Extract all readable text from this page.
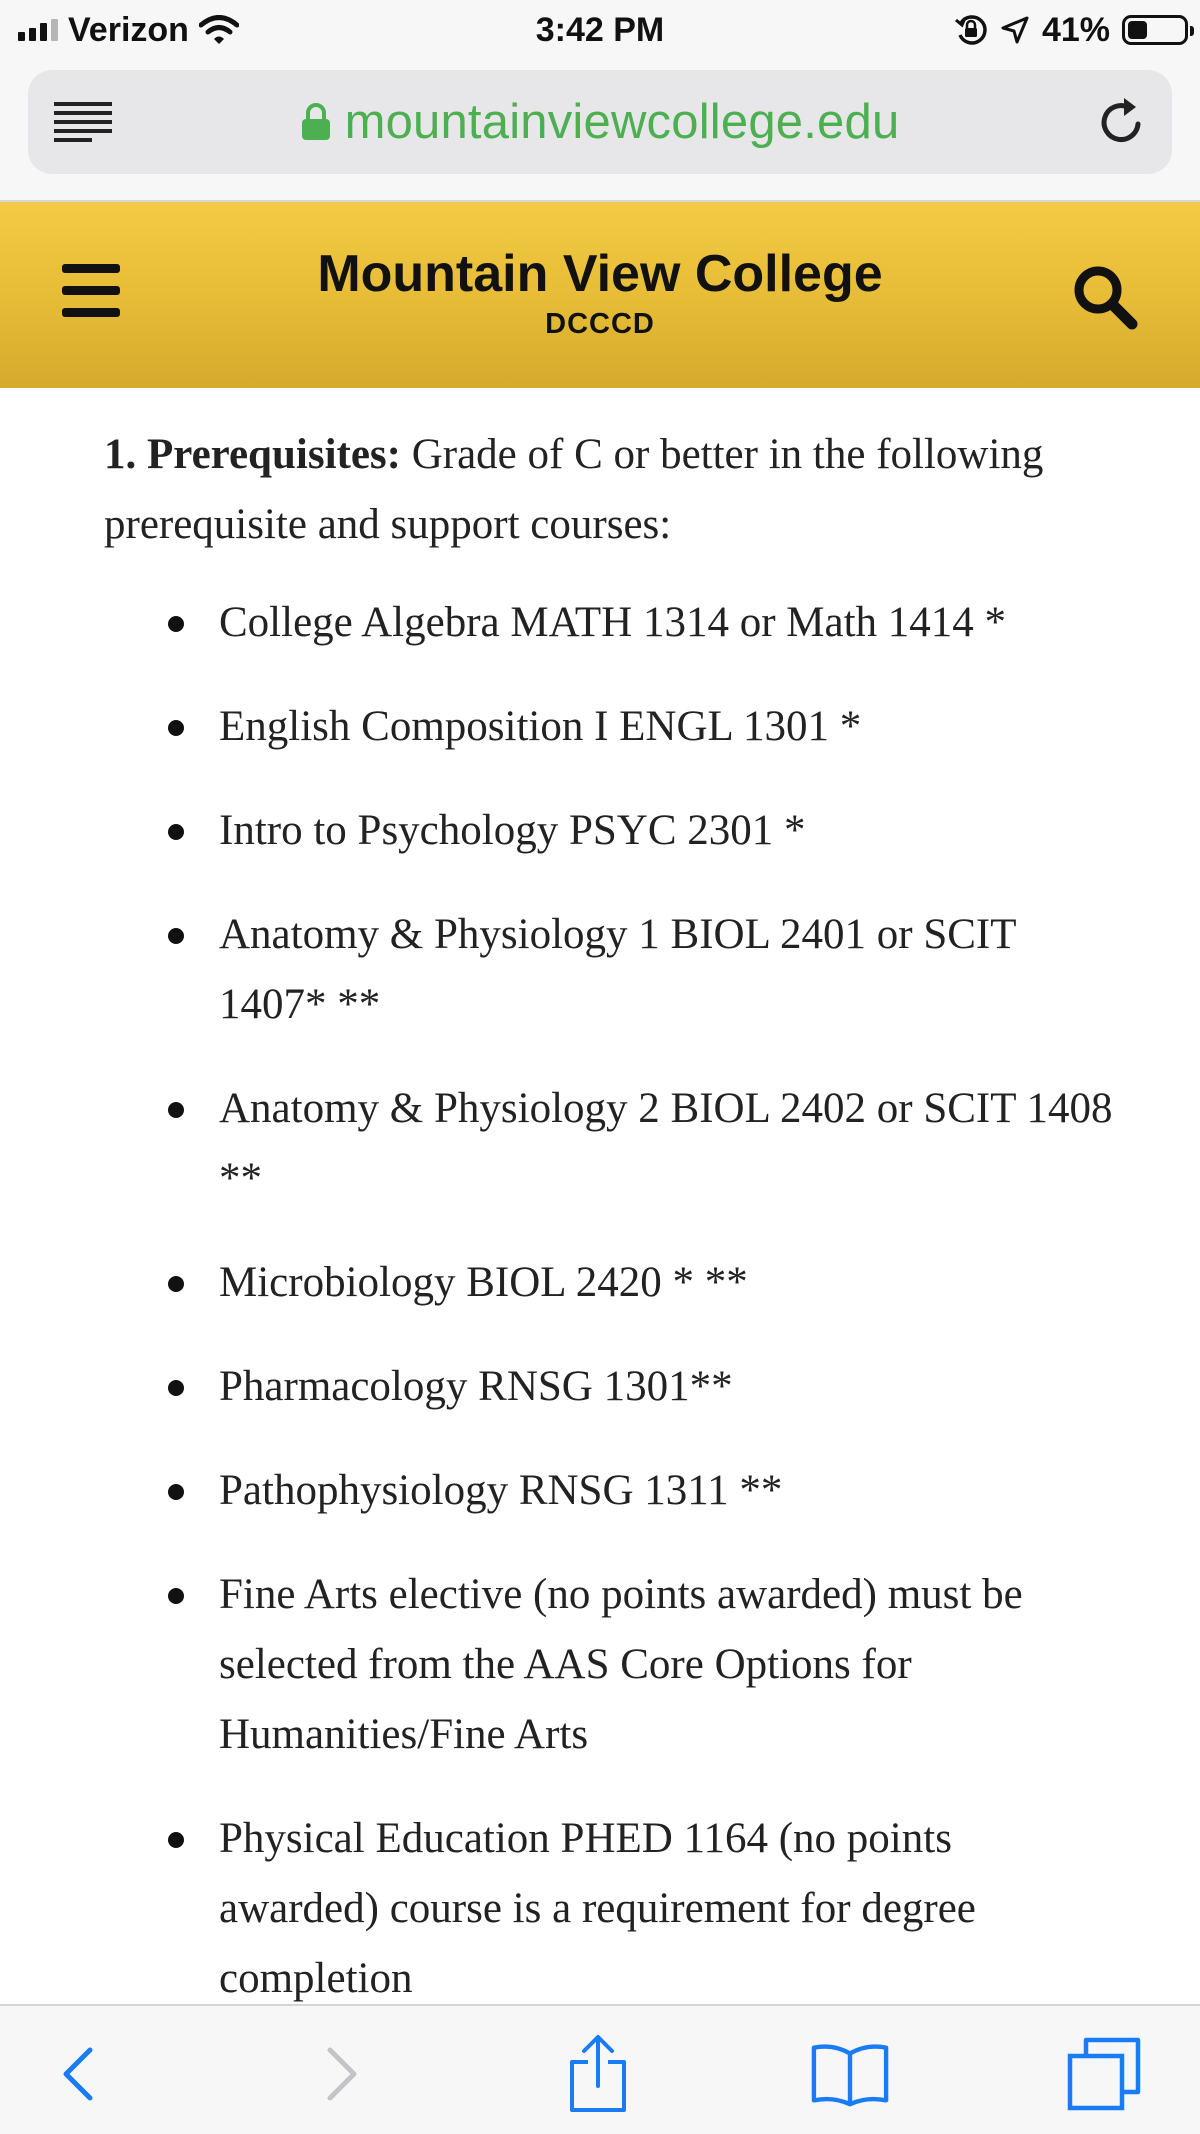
Verizon	3:42 PM	41%
mountainviewcollege.edu
Mountain View College
DCCCD

1. Prerequisites: Grade of C or better in the following prerequisite and support courses:

College Algebra MATH 1314 or Math 1414 *
English Composition I ENGL 1301 *
Intro to Psychology PSYC 2301 *
Anatomy & Physiology 1 BIOL 2401 or SCIT 1407* **
Anatomy & Physiology 2 BIOL 2402 or SCIT 1408 **
Microbiology BIOL 2420 * **
Pharmacology RNSG 1301**
Pathophysiology RNSG 1311 **
Fine Arts elective (no points awarded) must be selected from the AAS Core Options for Humanities/Fine Arts
Physical Education PHED 1164 (no points awarded) course is a requirement for degree completion
